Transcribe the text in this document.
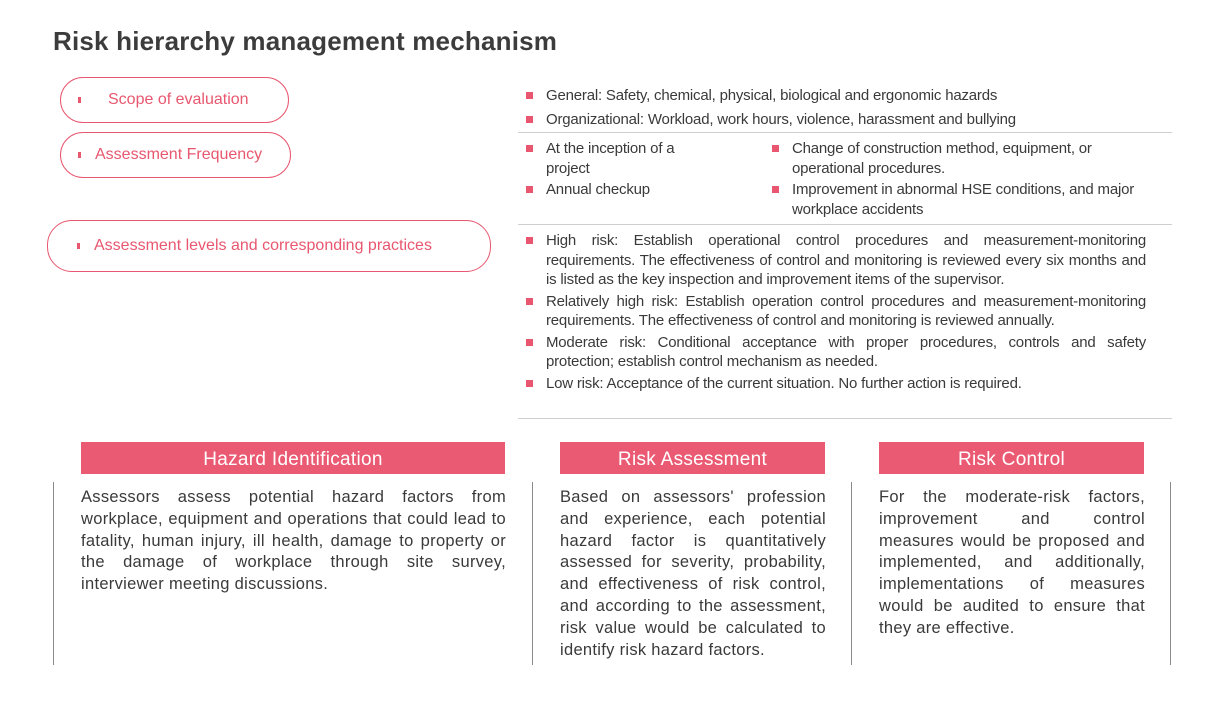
Risk hierarchy management mechanism
Scope of evaluation
Assessment Frequency
Assessment levels and corresponding practices
General: Safety, chemical, physical, biological and ergonomic hazards
Organizational: Workload, work hours, violence, harassment and bullying
At the inception of a project
Annual checkup
Change of construction method, equipment, or operational procedures.
Improvement in abnormal HSE conditions, and major workplace accidents
High risk: Establish operational control procedures and measurement-monitoring requirements. The effectiveness of control and monitoring is reviewed every six months and is listed as the key inspection and improvement items of the supervisor.
Relatively high risk: Establish operation control procedures and measurement-monitoring requirements. The effectiveness of control and monitoring is reviewed annually.
Moderate risk: Conditional acceptance with proper procedures, controls and safety protection; establish control mechanism as needed.
Low risk: Acceptance of the current situation. No further action is required.
Hazard Identification	Risk Assessment	Risk Control
Assessors assess potential hazard factors from workplace, equipment and operations that could lead to fatality, human injury, ill health, damage to property or the damage of workplace through site survey, interviewer meeting discussions.
Based on assessors' profession and experience, each potential hazard factor is quantitatively assessed for severity, probability, and effectiveness of risk control, and according to the assessment, risk value would be calculated to identify risk hazard factors.
For the moderate-risk factors, improvement and control measures would be proposed and implemented, and additionally, implementations of measures would be audited to ensure that they are effective.
